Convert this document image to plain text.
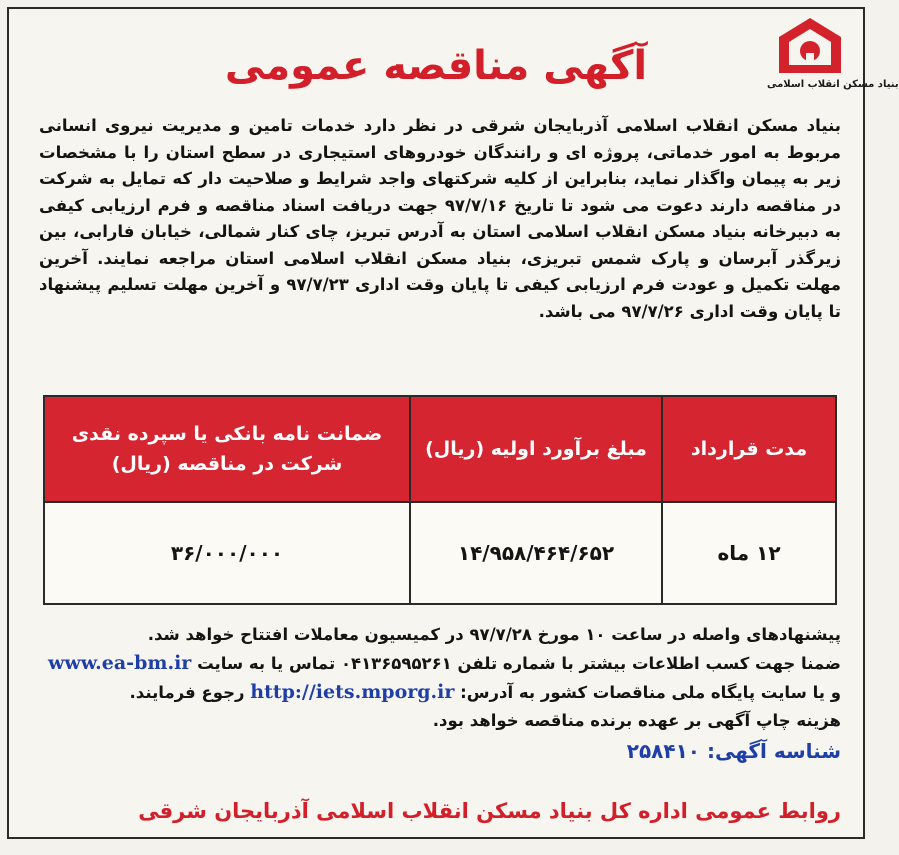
بنیاد مسکن انقلاب اسلامی
آگهی مناقصه عمومی
بنیاد مسکن انقلاب اسلامی آذربایجان شرقی در نظر دارد خدمات تامین و مدیریت نیروی انسانی مربوط به امور خدماتی، پروژه ای و رانندگان خودروهای استیجاری در سطح استان را با مشخصات زیر به پیمان واگذار نماید، بنابراین از کلیه شرکتهای واجد شرایط و صلاحیت دار که تمایل به شرکت در مناقصه دارند دعوت می شود تا تاریخ ۹۷/۷/۱۶ جهت دریافت اسناد مناقصه و فرم ارزیابی کیفی به دبیرخانه بنیاد مسکن انقلاب اسلامی استان به آدرس تبریز، چای کنار شمالی، خیابان فارابی، بین زیرگذر آبرسان و پارک شمس تبریزی، بنیاد مسکن انقلاب اسلامی استان مراجعه نمایند. آخرین مهلت تکمیل و عودت فرم ارزیابی کیفی تا پایان وقت اداری ۹۷/۷/۲۳ و آخرین مهلت تسلیم پیشنهاد تا پایان وقت اداری ۹۷/۷/۲۶ می باشد.
مدت قرارداد	مبلغ برآورد اولیه (ریال)	ضمانت نامه بانکی یا سپرده نقدی شرکت در مناقصه (ریال)
۱۲ ماه	۱۴/۹۵۸/۴۶۴/۶۵۲	۳۶/۰۰۰/۰۰۰
پیشنهادهای واصله در ساعت ۱۰ مورخ ۹۷/۷/۲۸ در کمیسیون معاملات افتتاح خواهد شد.
ضمنا جهت کسب اطلاعات بیشتر با شماره تلفن ۰۴۱۳۶۵۹۵۲۶۱ تماس یا به سایت www.ea-bm.ir
و یا سایت پایگاه ملی مناقصات کشور به آدرس: http://iets.mporg.ir رجوع فرمایند.
هزینه چاپ آگهی بر عهده برنده مناقصه خواهد بود.
شناسه آگهی: ۲۵۸۴۱۰
روابط عمومی اداره کل بنیاد مسکن انقلاب اسلامی آذربایجان شرقی
